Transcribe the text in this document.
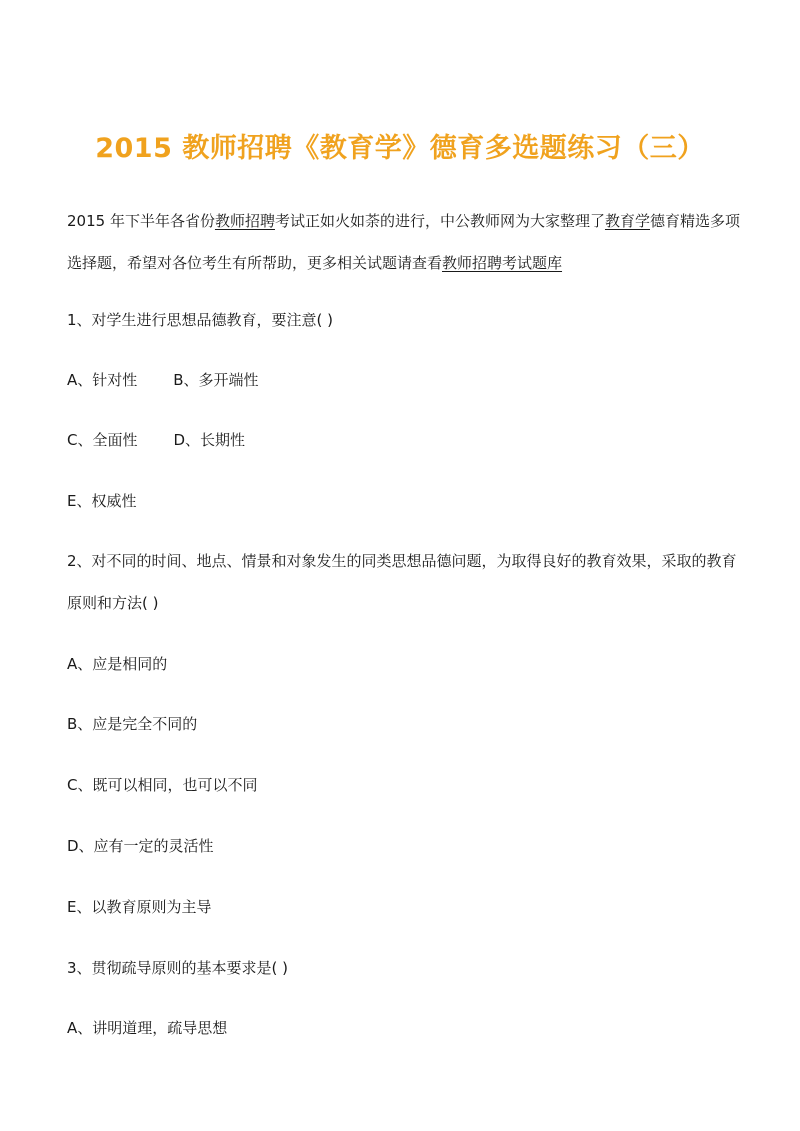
2015 教师招聘《教育学》德育多选题练习（三）

2015 年下半年各省份教师招聘考试正如火如荼的进行，中公教师网为大家整理了教育学德育精选多项选择题，希望对各位考生有所帮助，更多相关试题请查看教师招聘考试题库

1、对学生进行思想品德教育，要注意( )

A、针对性 B、多开端性

C、全面性 D、长期性

E、权威性

2、对不同的时间、地点、情景和对象发生的同类思想品德问题，为取得良好的教育效果，采取的教育原则和方法( )

A、应是相同的

B、应是完全不同的

C、既可以相同，也可以不同

D、应有一定的灵活性

E、以教育原则为主导

3、贯彻疏导原则的基本要求是( )

A、讲明道理，疏导思想
